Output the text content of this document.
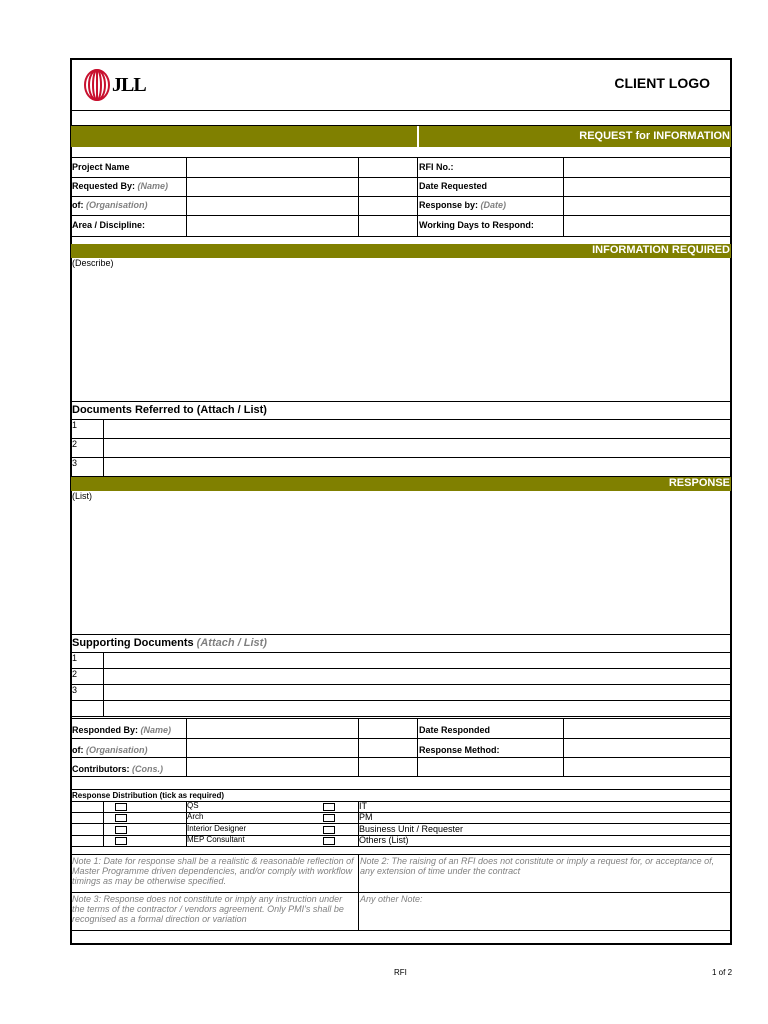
JLL	CLIENT LOGO
REQUEST for INFORMATION
Project Name
Requested By: (Name)
of: (Organisation)
Area / Discipline:
RFI No.:
Date Requested
Response by: (Date)
Working Days to Respond:
INFORMATION REQUIRED
(Describe)
Documents Referred to (Attach / List)
1
2
3
RESPONSE
(List)
Supporting Documents (Attach / List)
1
2
3
Responded By: (Name)
of: (Organisation)
Contributors: (Cons.)
Date Responded
Response Method:
Response Distribution (tick as required)
QS
Arch
Interior Designer
MEP Consultant
IT
PM
Business Unit / Requester
Others (List)
Note 1: Date for response shall be a realistic & reasonable reflection of Master Programme driven dependencies, and/or comply with workflow timings as may be otherwise specified.
Note 2: The raising of an RFI does not constitute or imply a request for, or acceptance of, any extension of time under the contract
Note 3: Response does not constitute or imply any instruction under the terms of the contractor / vendors agreement. Only PMI's shall be recognised as a formal direction or variation
Any other Note:
RFI	1 of 2
